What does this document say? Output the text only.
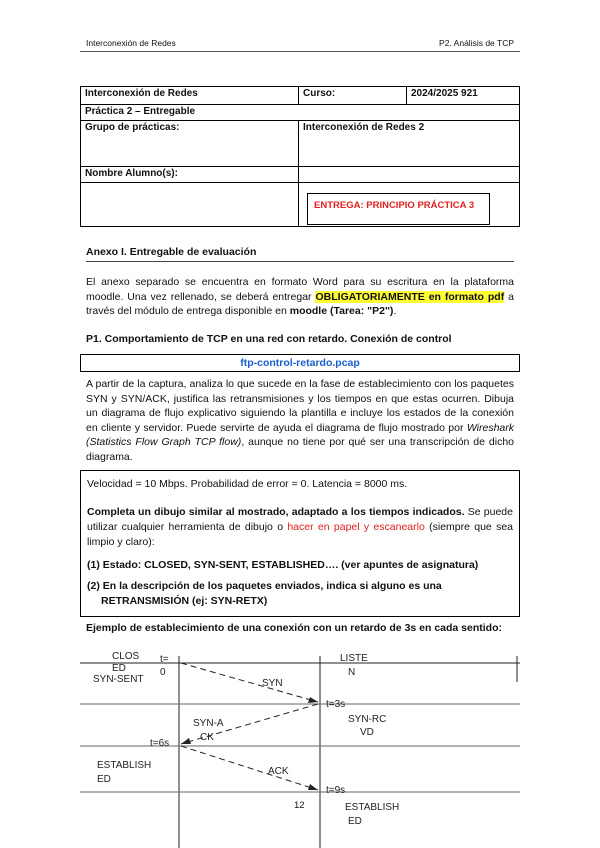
Interconexión de Redes	P2. Análisis de TCP
Interconexión de Redes	Curso:	2024/2025 921
Práctica 2 – Entregable		
Grupo de prácticas:	Interconexión de Redes 2	
Nombre Alumno(s):		

ENTREGA: PRINCIPIO PRÁCTICA 3
Anexo I. Entregable de evaluación
El anexo separado se encuentra en formato Word para su escritura en la plataforma moodle. Una vez rellenado, se deberá entregar OBLIGATORIAMENTE en formato pdf a través del módulo de entrega disponible en moodle (Tarea: "P2").
P1. Comportamiento de TCP en una red con retardo. Conexión de control
ftp-control-retardo.pcap
A partir de la captura, analiza lo que sucede en la fase de establecimiento con los paquetes SYN y SYN/ACK, justifica las retransmisiones y los tiempos en que estas ocurren. Dibuja un diagrama de flujo explicativo siguiendo la plantilla e incluye los estados de la conexión en cliente y servidor. Puede servirte de ayuda el diagrama de flujo mostrado por Wireshark (Statistics Flow Graph TCP flow), aunque no tiene por qué ser una transcripción de dicho diagrama.
Velocidad = 10 Mbps. Probabilidad de error = 0. Latencia = 8000 ms.
Completa un dibujo similar al mostrado, adaptado a los tiempos indicados. Se puede utilizar cualquier herramienta de dibujo o hacer en papel y escanearlo (siempre que sea limpio y claro):
(1) Estado: CLOSED, SYN-SENT, ESTABLISHED…. (ver apuntes de asignatura)
(2) En la descripción de los paquetes enviados, indica si alguno es una RETRANSMISIÓN (ej: SYN-RETX)
Ejemplo de establecimiento de una conexión con un retardo de 3s en cada sentido:
CLOS
ED
t=
0
SYN-SENT
LISTE
N
SYN
t=3s
SYN-RC
VD
SYN-A
CK
t=6s
ESTABLISH
ED
ACK
t=9s
ESTABLISH
ED
12
